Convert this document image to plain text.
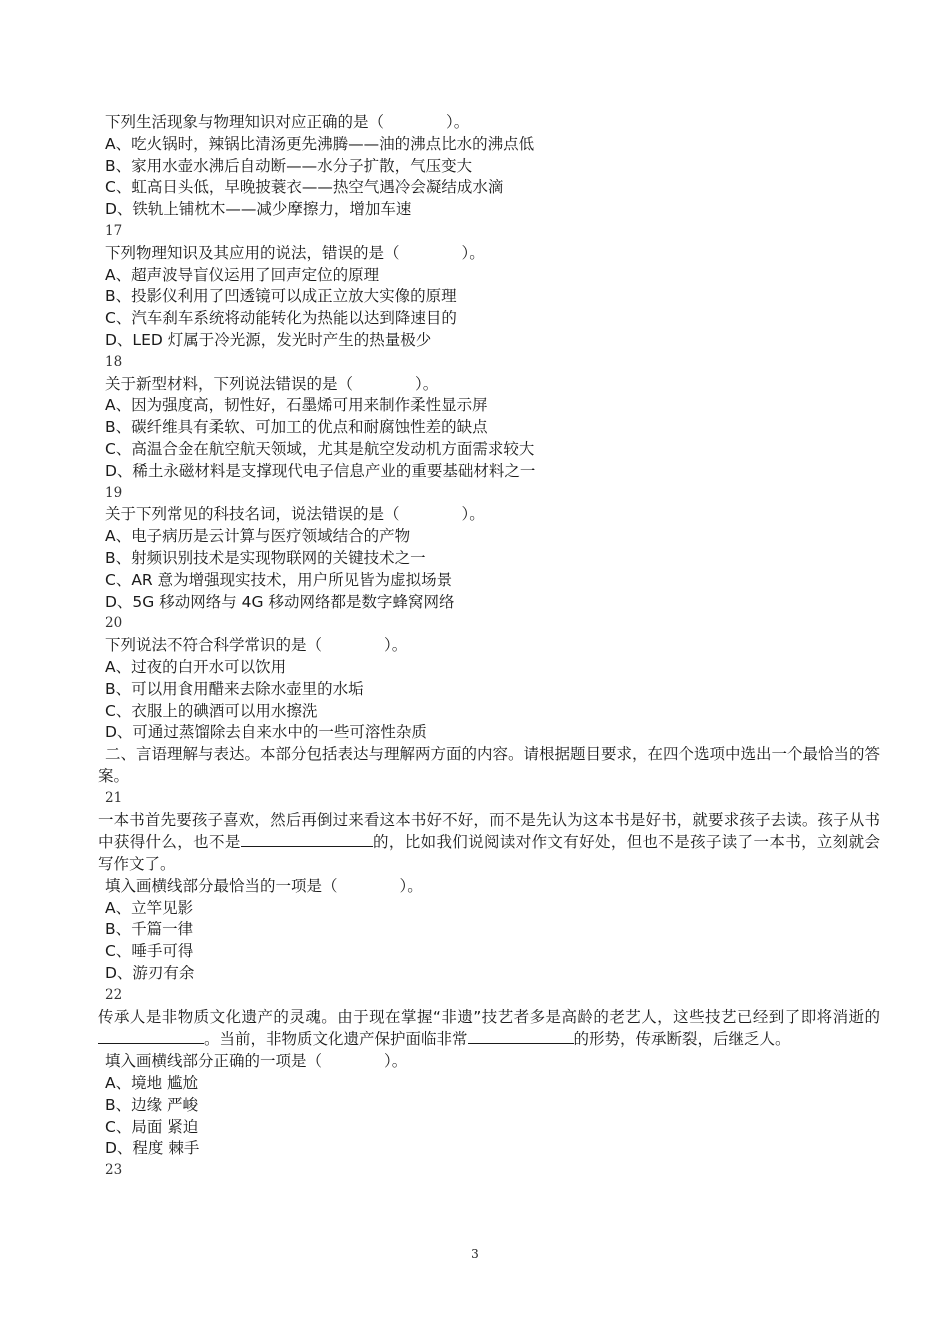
下列生活现象与物理知识对应正确的是（　　　　）。
A、吃火锅时，辣锅比清汤更先沸腾——油的沸点比水的沸点低
B、家用水壶水沸后自动断——水分子扩散，气压变大
C、虹高日头低，早晚披蓑衣——热空气遇冷会凝结成水滴
D、铁轨上铺枕木——减少摩擦力，增加车速
17
下列物理知识及其应用的说法，错误的是（　　　　）。
A、超声波导盲仪运用了回声定位的原理
B、投影仪利用了凹透镜可以成正立放大实像的原理
C、汽车刹车系统将动能转化为热能以达到降速目的
D、LED 灯属于冷光源，发光时产生的热量极少
18
关于新型材料，下列说法错误的是（　　　　）。
A、因为强度高，韧性好，石墨烯可用来制作柔性显示屏
B、碳纤维具有柔软、可加工的优点和耐腐蚀性差的缺点
C、高温合金在航空航天领域，尤其是航空发动机方面需求较大
D、稀土永磁材料是支撑现代电子信息产业的重要基础材料之一
19
关于下列常见的科技名词，说法错误的是（　　　　）。
A、电子病历是云计算与医疗领域结合的产物
B、射频识别技术是实现物联网的关键技术之一
C、AR 意为增强现实技术，用户所见皆为虚拟场景
D、5G 移动网络与 4G 移动网络都是数字蜂窝网络
20
下列说法不符合科学常识的是（　　　　）。
A、过夜的白开水可以饮用
B、可以用食用醋来去除水壶里的水垢
C、衣服上的碘酒可以用水擦洗
D、可通过蒸馏除去自来水中的一些可溶性杂质
二、言语理解与表达。本部分包括表达与理解两方面的内容。请根据题目要求，在四个选项中选出一个最恰当的答案。
21
一本书首先要孩子喜欢，然后再倒过来看这本书好不好，而不是先认为这本书是好书，就要求孩子去读。孩子从书中获得什么，也不是	的，比如我们说阅读对作文有好处，但也不是孩子读了一本书，立刻就会写作文了。
填入画横线部分最恰当的一项是（　　　　）。
A、立竿见影
B、千篇一律
C、唾手可得
D、游刃有余
22
传承人是非物质文化遗产的灵魂。由于现在掌握“非遗”技艺者多是高龄的老艺人，这些技艺已经到了即将消逝的。当前，非物质文化遗产保护面临非常	的形势，传承断裂，后继乏人。
填入画横线部分正确的一项是（　　　　）。
A、境地 尴尬
B、边缘 严峻
C、局面 紧迫
D、程度 棘手
23
3
